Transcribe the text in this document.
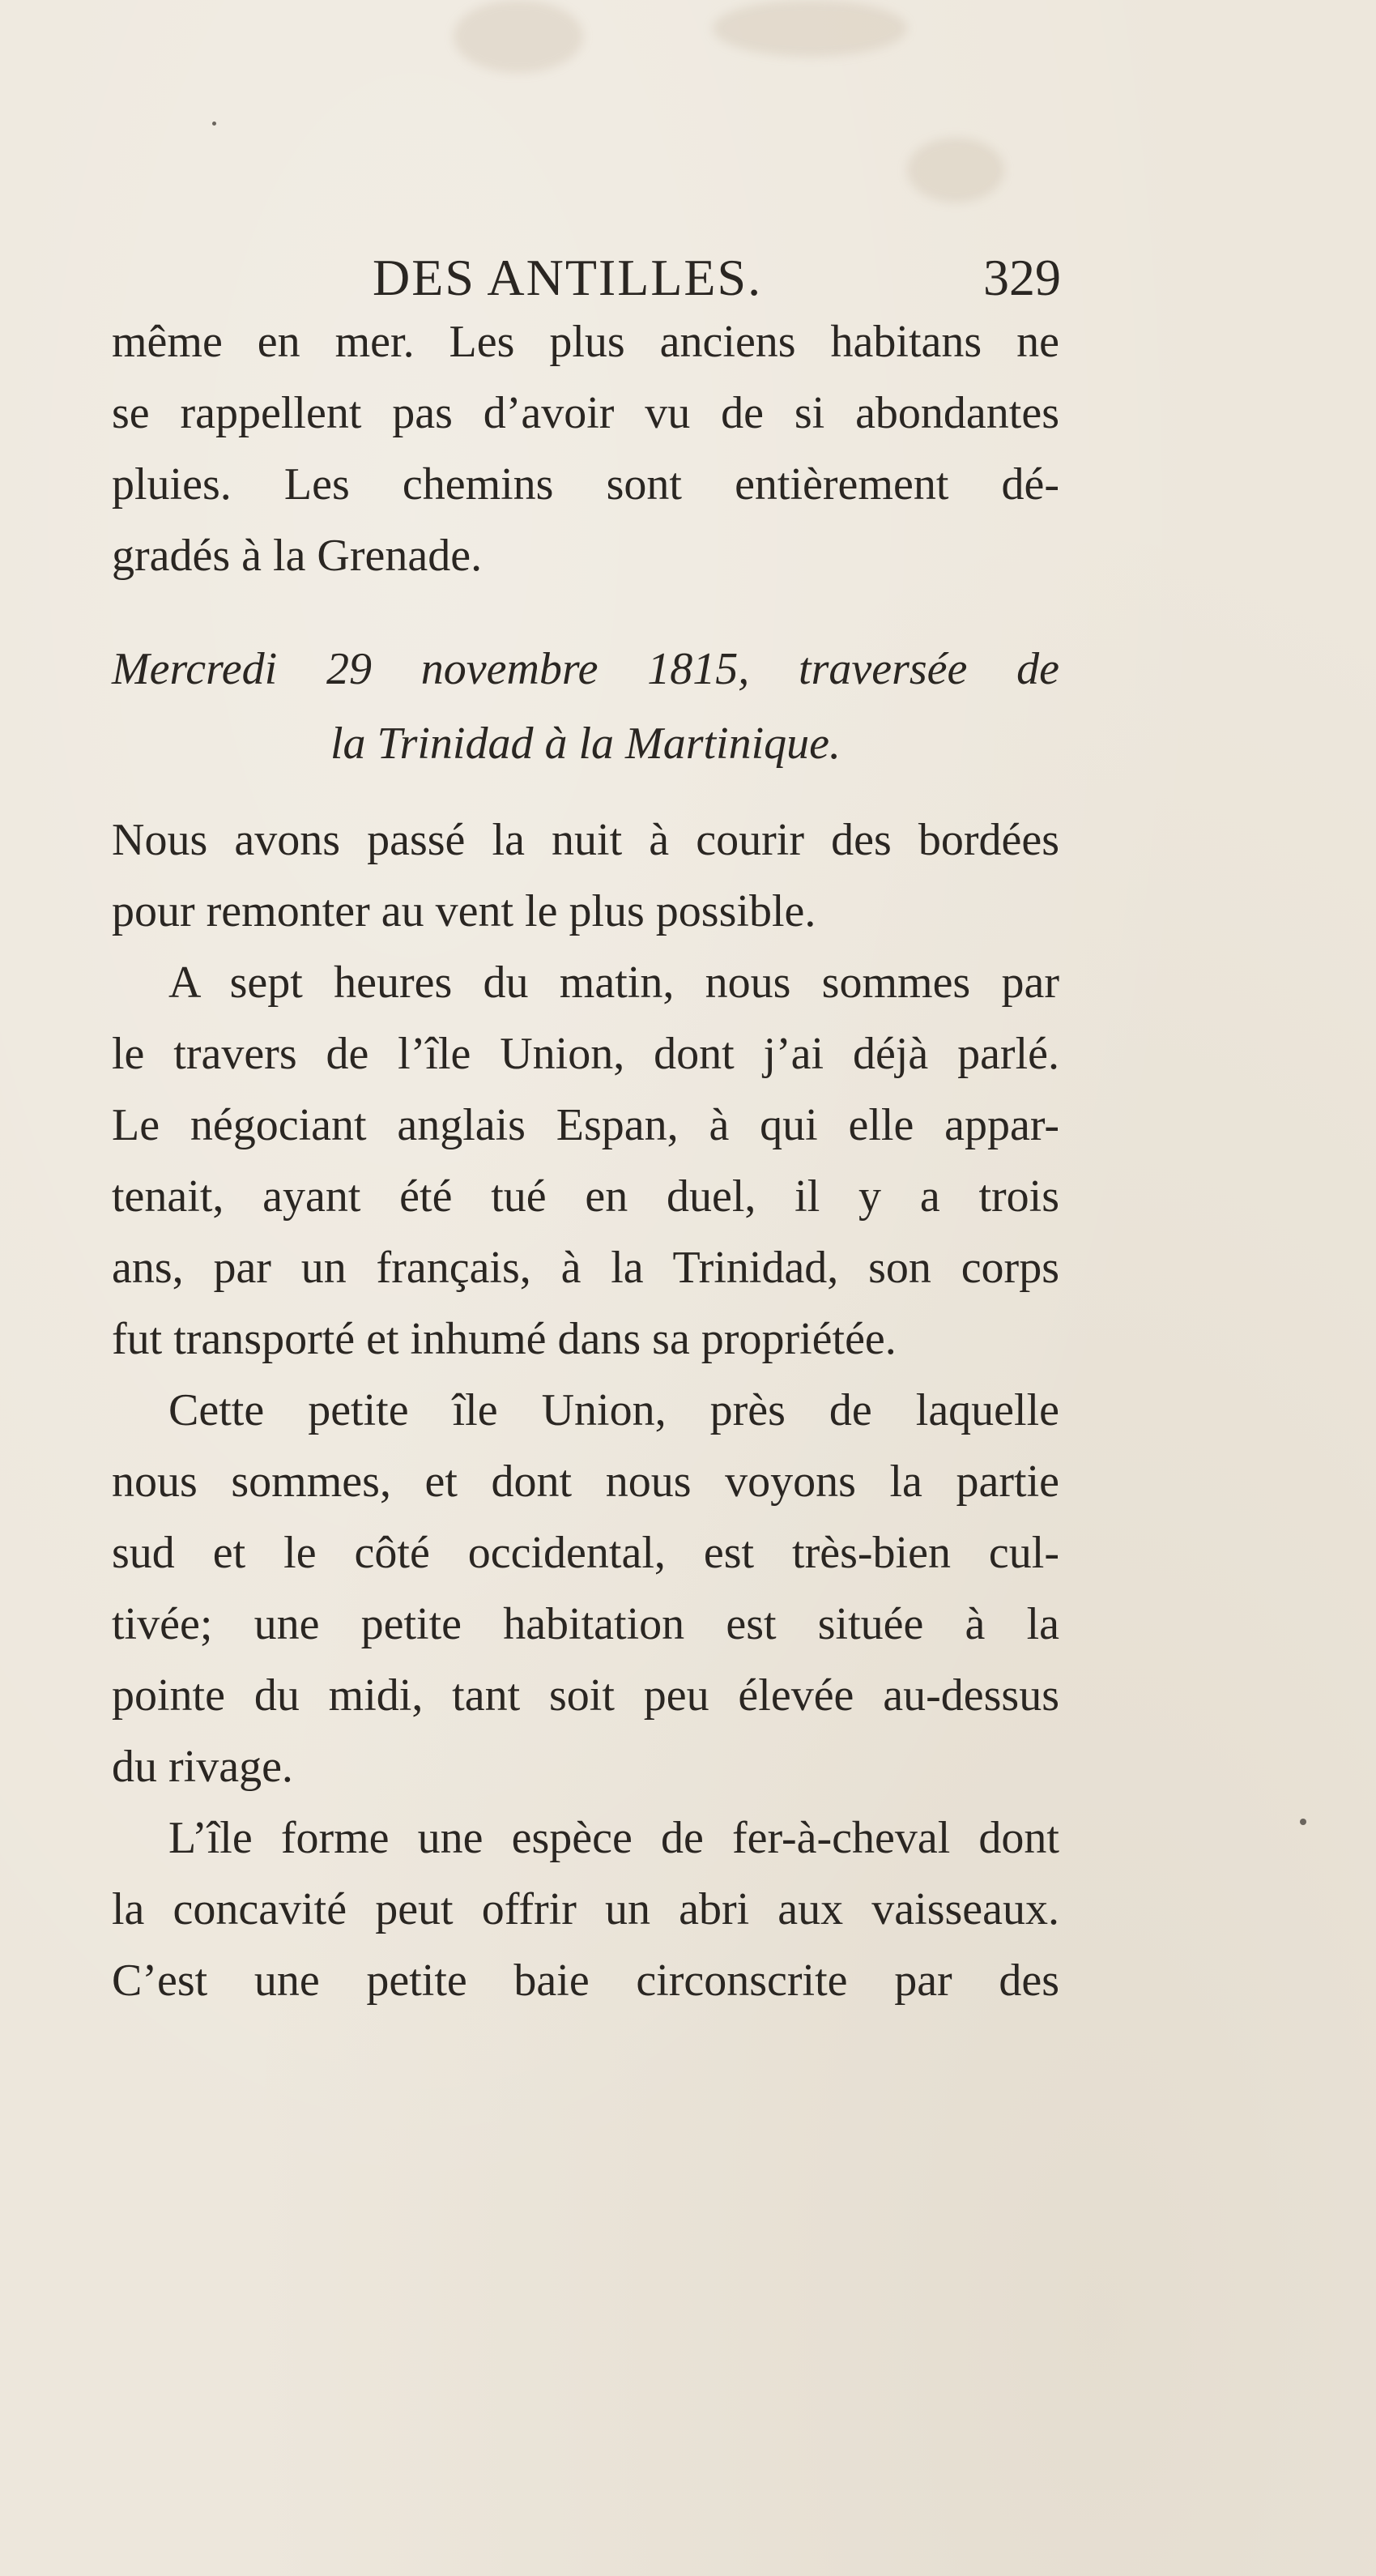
DES ANTILLES.	329
même en mer. Les plus anciens habitans ne
se rappellent pas d’avoir vu de si abondantes
pluies. Les chemins sont entièrement dé-
gradés à la Grenade.
Mercredi 29 novembre 1815, traversée de
la Trinidad à la Martinique.
Nous avons passé la nuit à courir des bordées
pour remonter au vent le plus possible.
A sept heures du matin, nous sommes par
le travers de l’île Union, dont j’ai déjà parlé.
Le négociant anglais Espan, à qui elle appar-
tenait, ayant été tué en duel, il y a trois
ans, par un français, à la Trinidad, son corps
fut transporté et inhumé dans sa propriétée.
Cette petite île Union, près de laquelle
nous sommes, et dont nous voyons la partie
sud et le côté occidental, est très-bien cul-
tivée; une petite habitation est située à la
pointe du midi, tant soit peu élevée au-dessus
du rivage.
L’île forme une espèce de fer-à-cheval dont
la concavité peut offrir un abri aux vaisseaux.
C’est une petite baie circonscrite par des
